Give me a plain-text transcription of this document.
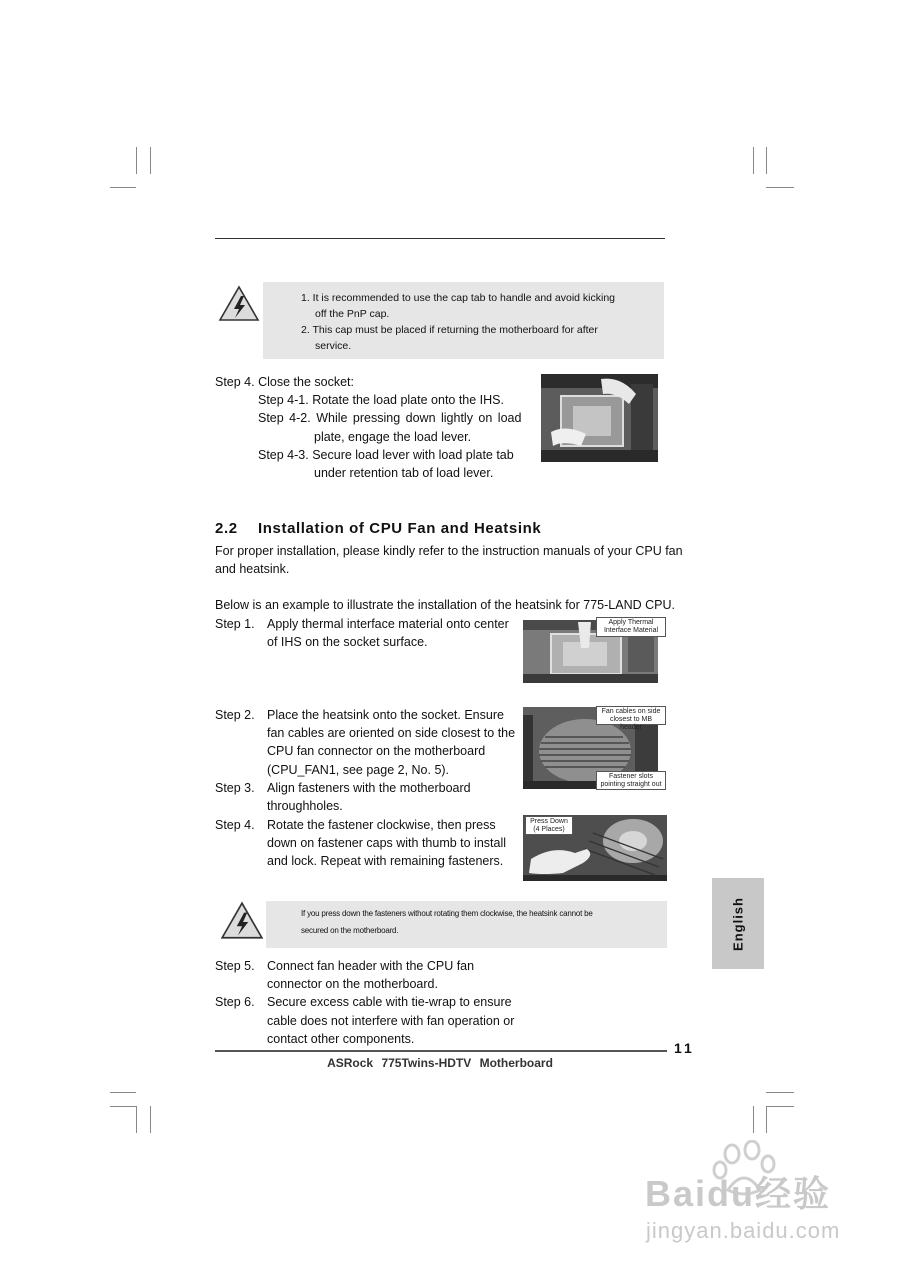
1. It is recommended to use the cap tab to handle and avoid kicking
off the PnP cap.
2. This cap must be placed if returning the motherboard for after
service.
Step 4. Close the socket:
Step 4-1. Rotate the load plate onto the IHS.
Step 4-2. While pressing down lightly on load
plate, engage the load lever.
Step 4-3. Secure load lever with load plate tab
under retention tab of load lever.
2.2 Installation of CPU Fan and Heatsink
For proper installation, please kindly refer to the instruction manuals of your CPU fan
and heatsink.
Below is an example to illustrate the installation of the heatsink for 775-LAND CPU.
Step 1. Apply thermal interface material onto center
of IHS on the socket surface.
Apply Thermal
Interface Material
Step 2. Place the heatsink onto the socket. Ensure
fan cables are oriented on side closest to the
CPU fan connector on the motherboard
(CPU_FAN1, see page 2, No. 5).
Fan cables on side
closest to MB header
Fastener slots
pointing straight out
Step 3. Align fasteners with the motherboard
throughholes.
Step 4. Rotate the fastener clockwise, then press
down on fastener caps with thumb to install
and lock. Repeat with remaining fasteners.
Press Down
(4 Places)
If you press down the fasteners without rotating them clockwise, the heatsink cannot be
secured on the motherboard.
Step 5. Connect fan header with the CPU fan
connector on the motherboard.
Step 6. Secure excess cable with tie-wrap to ensure
cable does not interfere with fan operation or
contact other components.
English
11
ASRock 775Twins-HDTV Motherboard
Baidu经验
jingyan.baidu.com
